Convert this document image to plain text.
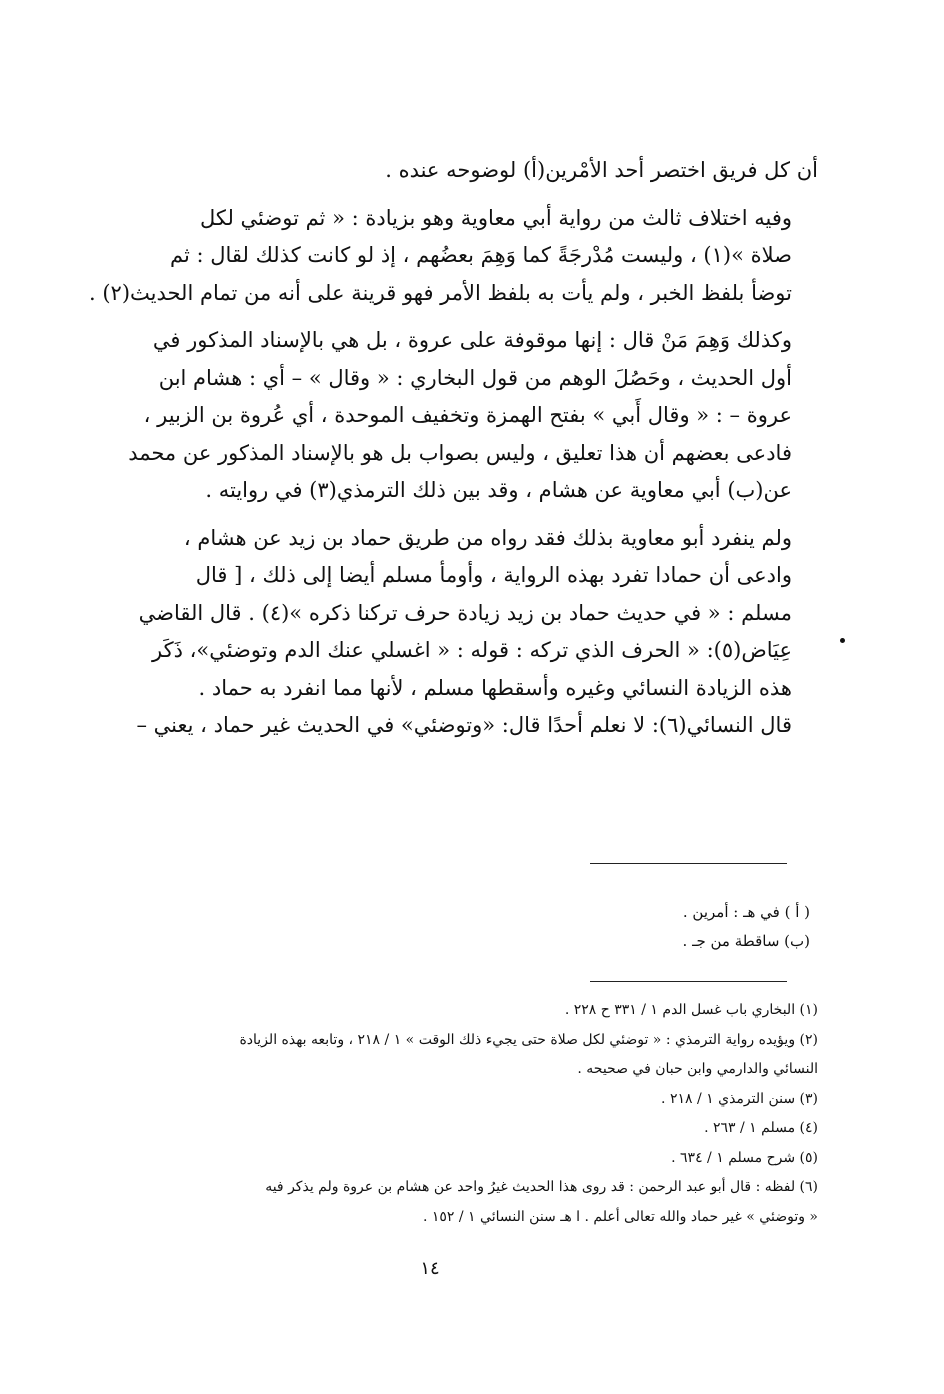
أن كل فريق اختصر أحد الأمْرين(أ) لوضوحه عنده .

وفيه اختلاف ثالث من رواية أبي معاوية وهو بزيادة : « ثم توضئي لكل
صلاة »(١) ، وليست مُدْرجَةً كما وَهِمَ بعضُهم ، إذ لو كانت كذلك لقال : ثم
توضأ بلفظ الخبر ، ولم يأت به بلفظ الأمر فهو قرينة على أنه من تمام الحديث(٢) .

وكذلك وَهِمَ مَنْ قال : إنها موقوفة على عروة ، بل هي بالإسناد المذكور في
أول الحديث ، وحَصُلَ الوهم من قول البخاري : « وقال » – أي : هشام ابن
عروة – : « وقال أَبي » بفتح الهمزة وتخفيف الموحدة ، أي عُروة بن الزبير ،
فادعى بعضهم أن هذا تعليق ، وليس بصواب بل هو بالإسناد المذكور عن محمد
عن(ب) أبي معاوية عن هشام ، وقد بين ذلك الترمذي(٣) في روايته .

ولم ينفرد أبو معاوية بذلك فقد رواه من طريق حماد بن زيد عن هشام ،
وادعى أن حمادا تفرد بهذه الرواية ، وأومأ مسلم أيضا إلى ذلك ، [ قال
مسلم : « في حديث حماد بن زيد زيادة حرف تركنا ذكره »(٤) . قال القاضي
عِيَاض(٥): « الحرف الذي تركه : قوله : « اغسلي عنك الدم وتوضئي»، ذَكَر
هذه الزيادة النسائي وغيره وأسقطها مسلم ، لأنها مما انفرد به حماد .
قال النسائي(٦): لا نعلم أحدًا قال: «وتوضئي» في الحديث غير حماد ، يعني –

( أ ) في هـ : أمرين .
(ب) ساقطة من جـ .
(١) البخاري باب غسل الدم ١ / ٣٣١ ح ٢٢٨ .
(٢) ويؤيده رواية الترمذي : « توضئي لكل صلاة حتى يجيء ذلك الوقت » ١ / ٢١٨ ، وتابعه بهذه الزيادة
النسائي والدارمي وابن حبان في صحيحه .
(٣) سنن الترمذي ١ / ٢١٨ .
(٤) مسلم ١ / ٢٦٣ .
(٥) شرح مسلم ١ / ٦٣٤ .
(٦) لفظه : قال أبو عبد الرحمن : قد روى هذا الحديث غيرُ واحد عن هشام بن عروة ولم يذكر فيه
« وتوضئي » غير حماد والله تعالى أعلم . ا هـ سنن النسائي ١ / ١٥٢ .
١٤
